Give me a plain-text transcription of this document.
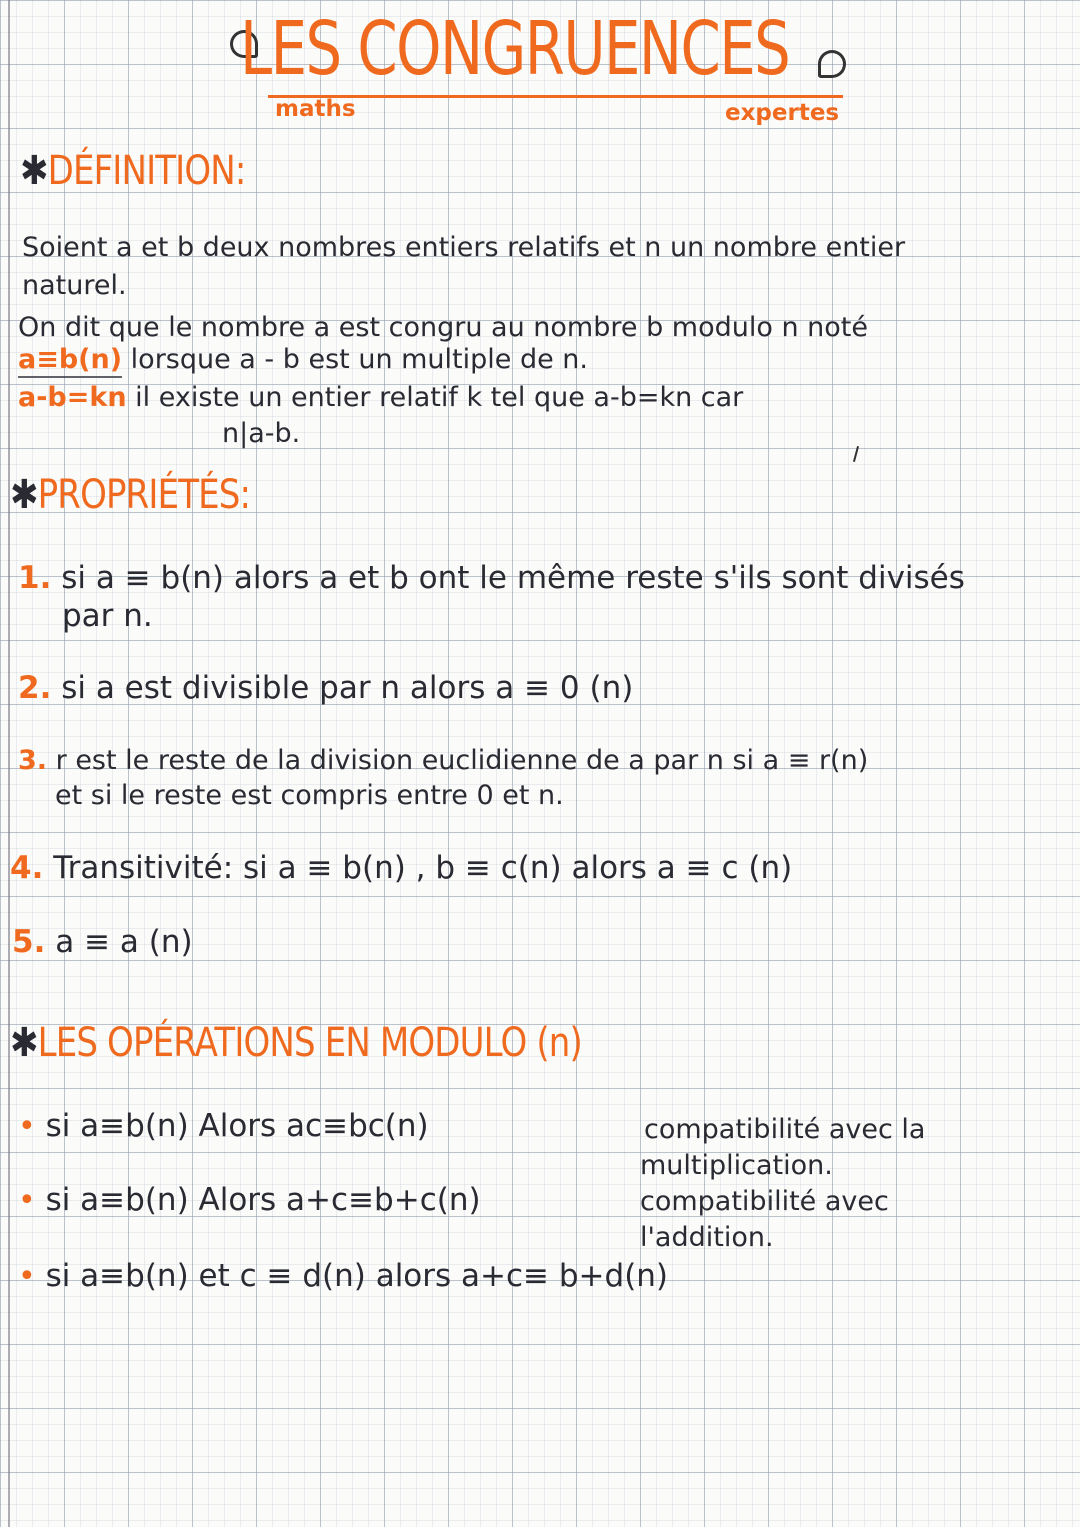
LES CONGRUENCES
maths	expertes
✱DÉFINITION:
Soient a et b deux nombres entiers relatifs et n un nombre entier
naturel.
On dit que le nombre a est congru au nombre b modulo n noté
a≡b(n) lorsque a - b est un multiple de n.
a-b=kn il existe un entier relatif k tel que a-b=kn car
n|a-b.
✱PROPRIÉTÉS:
1. si a ≡ b(n) alors a et b ont le même reste s'ils sont divisés
par n.
2. si a est divisible par n alors a ≡ 0 (n)
3. r est le reste de la division euclidienne de a par n si a ≡ r(n)
et si le reste est compris entre 0 et n.
4. Transitivité: si a ≡ b(n) , b ≡ c(n) alors a ≡ c (n)
5. a ≡ a (n)
✱LES OPÉRATIONS EN MODULO (n)
• si a≡b(n) Alors ac≡bc(n)	compatibilité avec la
multiplication.
• si a≡b(n) Alors a+c≡b+c(n)	compatibilité avec
l'addition.
• si a≡b(n) et c ≡ d(n) alors a+c≡ b+d(n)
